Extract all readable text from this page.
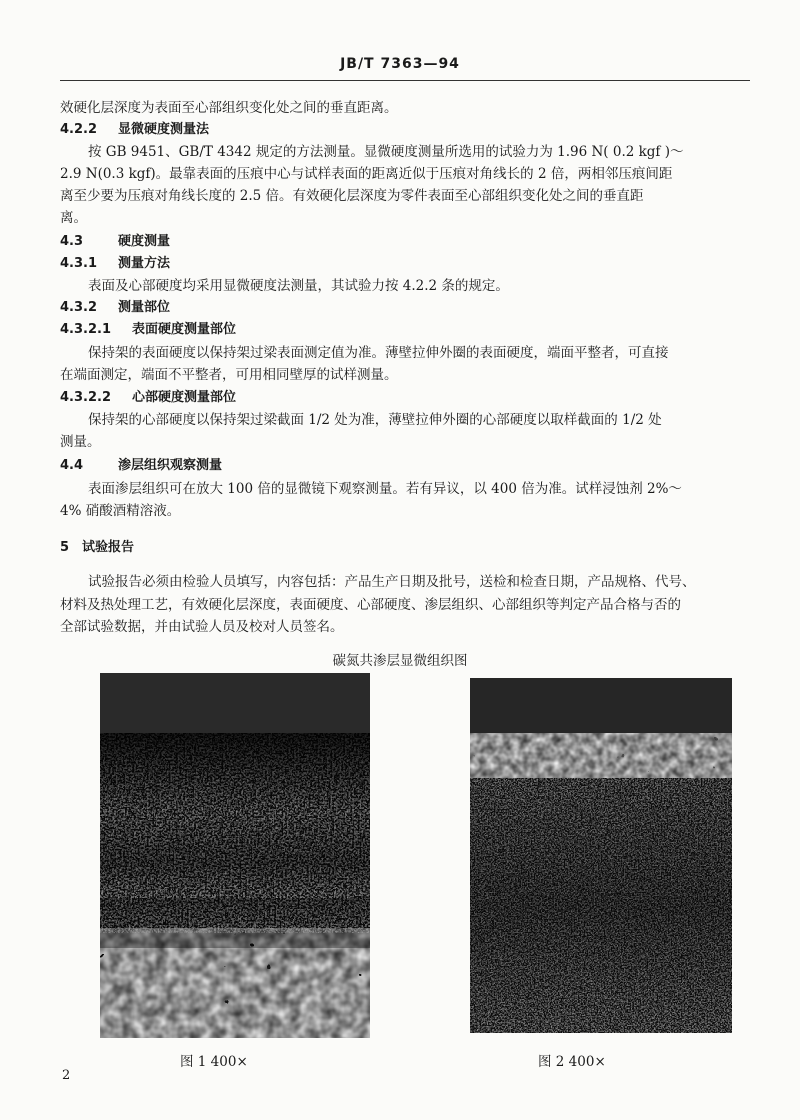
JB/T 7363—94
效硬化层深度为表面至心部组织变化处之间的垂直距离。
4.2.2 显微硬度测量法
按 GB 9451、GB/T 4342 规定的方法测量。显微硬度测量所选用的试验力为 1.96 N( 0.2 kgf )～
2.9 N(0.3 kgf)。最靠表面的压痕中心与试样表面的距离近似于压痕对角线长的 2 倍，两相邻压痕间距
离至少要为压痕对角线长度的 2.5 倍。有效硬化层深度为零件表面至心部组织变化处之间的垂直距
离。
4.3	硬度测量
4.3.1 测量方法
表面及心部硬度均采用显微硬度法测量，其试验力按 4.2.2 条的规定。
4.3.2 测量部位
4.3.2.1 表面硬度测量部位
保持架的表面硬度以保持架过梁表面测定值为准。薄壁拉伸外圈的表面硬度，端面平整者，可直接
在端面测定，端面不平整者，可用相同壁厚的试样测量。
4.3.2.2 心部硬度测量部位
保持架的心部硬度以保持架过梁截面 1/2 处为准，薄壁拉伸外圈的心部硬度以取样截面的 1/2 处
测量。
4.4	渗层组织观察测量
表面渗层组织可在放大 100 倍的显微镜下观察测量。若有异议，以 400 倍为准。试样浸蚀剂 2%～
4% 硝酸酒精溶液。
5 试验报告
试验报告必须由检验人员填写，内容包括：产品生产日期及批号，送检和检查日期，产品规格、代号、
材料及热处理工艺，有效硬化层深度，表面硬度、心部硬度、渗层组织、心部组织等判定产品合格与否的
全部试验数据，并由试验人员及校对人员签名。
碳氮共渗层显微组织图
图 1 400×	图 2 400×
2
